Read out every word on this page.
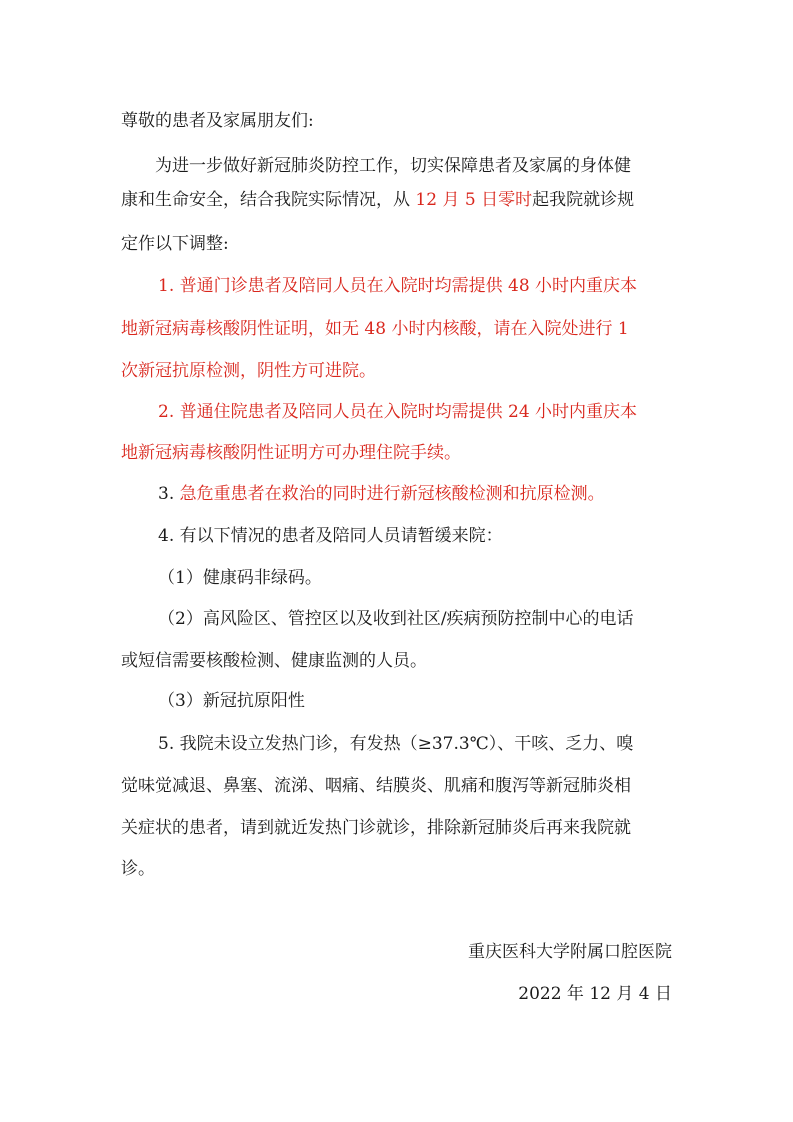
尊敬的患者及家属朋友们:
为进一步做好新冠肺炎防控工作，切实保障患者及家属的身体健
康和生命安全，结合我院实际情况，从 12 月 5 日零时起我院就诊规
定作以下调整:
1. 普通门诊患者及陪同人员在入院时均需提供 48 小时内重庆本
地新冠病毒核酸阴性证明，如无 48 小时内核酸，请在入院处进行 1
次新冠抗原检测，阴性方可进院。
2. 普通住院患者及陪同人员在入院时均需提供 24 小时内重庆本
地新冠病毒核酸阴性证明方可办理住院手续。
3. 急危重患者在救治的同时进行新冠核酸检测和抗原检测。
4. 有以下情况的患者及陪同人员请暂缓来院：
（1）健康码非绿码。
（2）高风险区、管控区以及收到社区/疾病预防控制中心的电话
或短信需要核酸检测、健康监测的人员。
（3）新冠抗原阳性
5. 我院未设立发热门诊，有发热（≥37.3℃）、干咳、乏力、嗅
觉味觉减退、鼻塞、流涕、咽痛、结膜炎、肌痛和腹泻等新冠肺炎相
关症状的患者，请到就近发热门诊就诊，排除新冠肺炎后再来我院就
诊。
重庆医科大学附属口腔医院
2022 年 12 月 4 日
